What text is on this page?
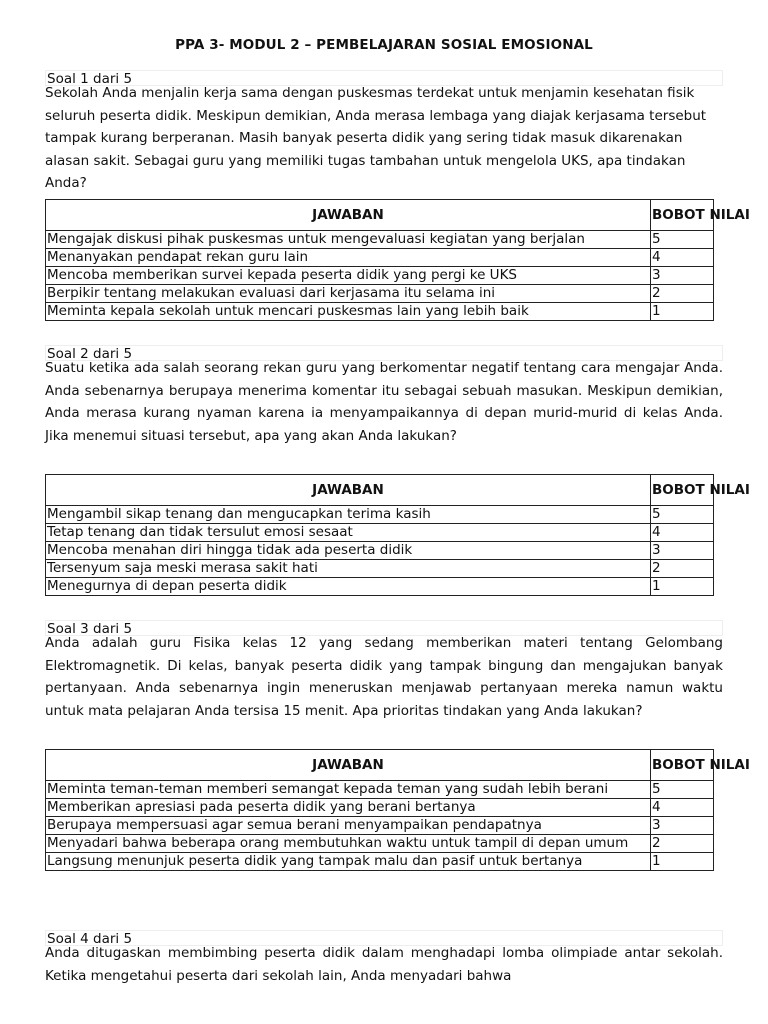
PPA 3- MODUL 2 – PEMBELAJARAN SOSIAL EMOSIONAL
Soal 1 dari 5
Sekolah Anda menjalin kerja sama dengan puskesmas terdekat untuk menjamin kesehatan fisik seluruh peserta didik. Meskipun demikian, Anda merasa lembaga yang diajak kerjasama tersebut tampak kurang berperanan. Masih banyak peserta didik yang sering tidak masuk dikarenakan alasan sakit. Sebagai guru yang memiliki tugas tambahan untuk mengelola UKS, apa tindakan Anda?
JAWABAN	BOBOT NILAI
Mengajak diskusi pihak puskesmas untuk mengevaluasi kegiatan yang berjalan	5
Menanyakan pendapat rekan guru lain	4
Mencoba memberikan survei kepada peserta didik yang pergi ke UKS	3
Berpikir tentang melakukan evaluasi dari kerjasama itu selama ini	2
Meminta kepala sekolah untuk mencari puskesmas lain yang lebih baik	1
Soal 2 dari 5
Suatu ketika ada salah seorang rekan guru yang berkomentar negatif tentang cara mengajar Anda. Anda sebenarnya berupaya menerima komentar itu sebagai sebuah masukan. Meskipun demikian, Anda merasa kurang nyaman karena ia menyampaikannya di depan murid-murid di kelas Anda. Jika menemui situasi tersebut, apa yang akan Anda lakukan?
JAWABAN	BOBOT NILAI
Mengambil sikap tenang dan mengucapkan terima kasih	5
Tetap tenang dan tidak tersulut emosi sesaat	4
Mencoba menahan diri hingga tidak ada peserta didik	3
Tersenyum saja meski merasa sakit hati	2
Menegurnya di depan peserta didik	1
Soal 3 dari 5
Anda adalah guru Fisika kelas 12 yang sedang memberikan materi tentang Gelombang Elektromagnetik. Di kelas, banyak peserta didik yang tampak bingung dan mengajukan banyak pertanyaan. Anda sebenarnya ingin meneruskan menjawab pertanyaan mereka namun waktu untuk mata pelajaran Anda tersisa 15 menit. Apa prioritas tindakan yang Anda lakukan?
JAWABAN	BOBOT NILAI
Meminta teman-teman memberi semangat kepada teman yang sudah lebih berani	5
Memberikan apresiasi pada peserta didik yang berani bertanya	4
Berupaya mempersuasi agar semua berani menyampaikan pendapatnya	3
Menyadari bahwa beberapa orang membutuhkan waktu untuk tampil di depan umum	2
Langsung menunjuk peserta didik yang tampak malu dan pasif untuk bertanya	1
Soal 4 dari 5
Anda ditugaskan membimbing peserta didik dalam menghadapi lomba olimpiade antar sekolah. Ketika mengetahui peserta dari sekolah lain, Anda menyadari bahwa
